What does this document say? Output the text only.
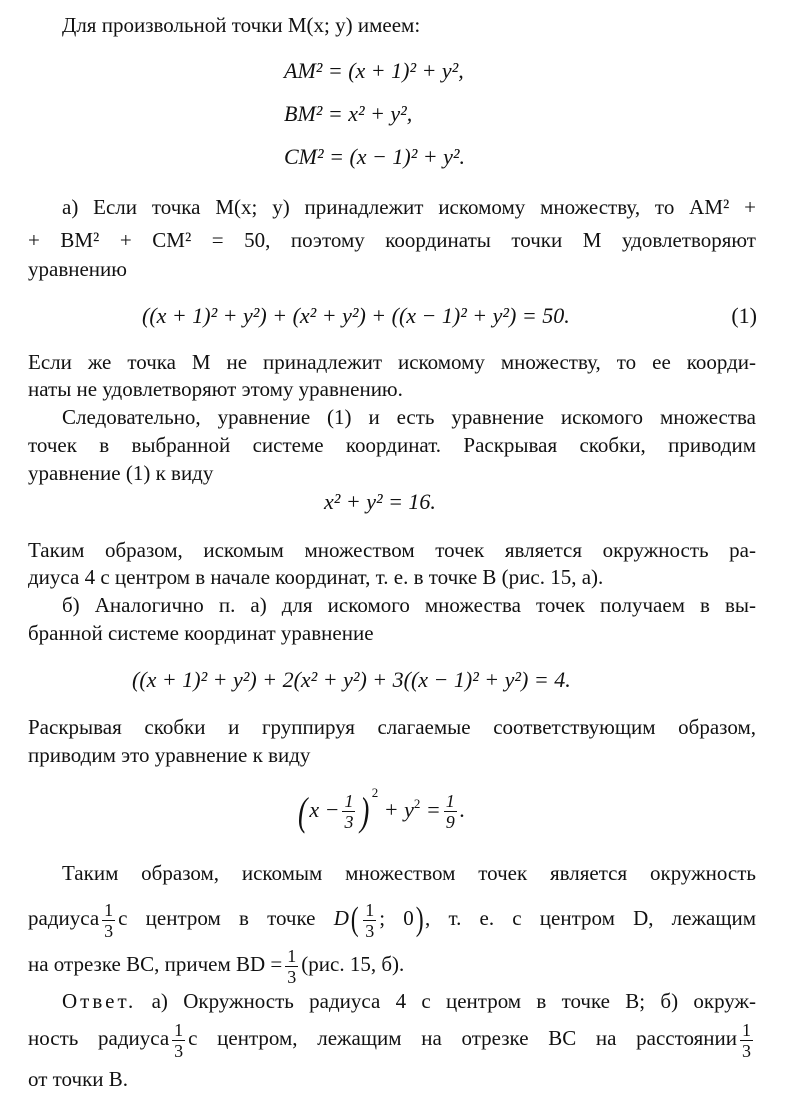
Для произвольной точки M(x; y) имеем:
AM² = (x + 1)² + y²,
BM² = x² + y²,
CM² = (x − 1)² + y².
а) Если точка M(x; y) принадлежит искомому множеству, то AM² +
+ BM² + CM² = 50, поэтому координаты точки M удовлетворяют
уравнению
((x + 1)² + y²) + (x² + y²) + ((x − 1)² + y²) = 50.	(1)
Если же точка M не принадлежит искомому множеству, то ее коорди-
наты не удовлетворяют этому уравнению.
Следовательно, уравнение (1) и есть уравнение искомого множества
точек в выбранной системе координат. Раскрывая скобки, приводим
уравнение (1) к виду
x² + y² = 16.
Таким образом, искомым множеством точек является окружность ра-
диуса 4 с центром в начале координат, т. е. в точке B (рис. 15, а).
б) Аналогично п. а) для искомого множества точек получаем в вы-
бранной системе координат уравнение
((x + 1)² + y²) + 2(x² + y²) + 3((x − 1)² + y²) = 4.
Раскрывая скобки и группируя слагаемые соответствующим образом,
приводим это уравнение к виду
($x - \frac{1}{3}$ ) $^2 + y^2 = \frac{1}{9}$ .
Таким образом, искомым множеством точек является окружность
радиуса $\frac{1}{3}$ с центром в точке $D( \frac{1}{3}$ ; 0), т. е. с центром D, лежащим
на отрезке BC, причем BD = $\frac{1}{3} (рис$. 15, б).
Ответ. а) Окружность радиуса 4 с центром в точке B; б) окруж-
ность радиуса $\frac{1}{3}$ с центром, лежащим на отрезке BC на расстоянии $\frac{1}{3}$
от точки B.
